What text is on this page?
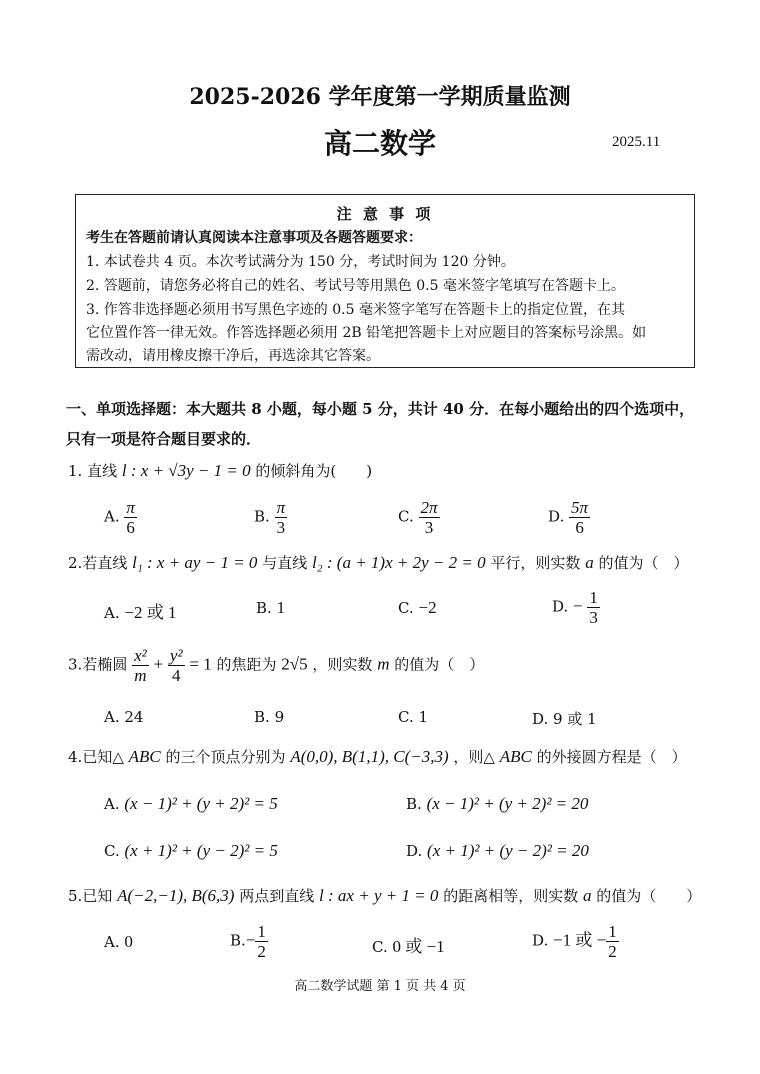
2025-2026 学年度第一学期质量监测
高二数学	2025.11
注 意 事 项
考生在答题前请认真阅读本注意事项及各题答题要求：
1. 本试卷共 4 页。本次考试满分为 150 分，考试时间为 120 分钟。
2. 答题前，请您务必将自己的姓名、考试号等用黑色 0.5 毫米签字笔填写在答题卡上。
3. 作答非选择题必须用书写黑色字迹的 0.5 毫米签字笔写在答题卡上的指定位置，在其
它位置作答一律无效。作答选择题必须用 2B 铅笔把答题卡上对应题目的答案标号涂黑。如
需改动，请用橡皮擦干净后，再选涂其它答案。
一、单项选择题：本大题共 8 小题，每小题 5 分，共计 40 分．在每小题给出的四个选项中，
只有一项是符合题目要求的．
1. 直线 l : x + √3y − 1 = 0 的倾斜角为(　　)
A. $\frac{\pi}{6}$	B. $\frac{\pi}{3}$	C. $\frac{2\pi}{3}$	D. $\frac{5\pi}{6}$
2.若直线 l₁ : x + ay − 1 = 0 与直线 l₂ : (a + 1)x + 2y − 2 = 0 平行，则实数 a 的值为（　）
A. −2 或 1	B. 1	C. −2	D. − $\frac{1}{3}$
3.若椭圆 $\frac{\text{x²}}{m} + \frac{\text{y²}}{4} = 1$ 的焦距为 2√5 ，则实数 m 的值为（　）
A. 24	B. 9	C. 1	D. 9 或 1
4.已知△ ABC 的三个顶点分别为 A(0,0), B(1,1), C(−3,3) ，则△ ABC 的外接圆方程是（　）
A. (x − 1)² + (y + 2)² = 5	B. (x − 1)² + (y + 2)² = 20
C. (x + 1)² + (y − 2)² = 5	D. (x + 1)² + (y − 2)² = 20
5.已知 A(−2,−1), B(6,3) 两点到直线 l : ax + y + 1 = 0 的距离相等，则实数 a 的值为（　　）
A. 0	$B.- \frac{1}{2}$	C. 0 或 −1	D. −1 或 − $\frac{1}{2}$
高二数学试题 第 1 页 共 4 页
